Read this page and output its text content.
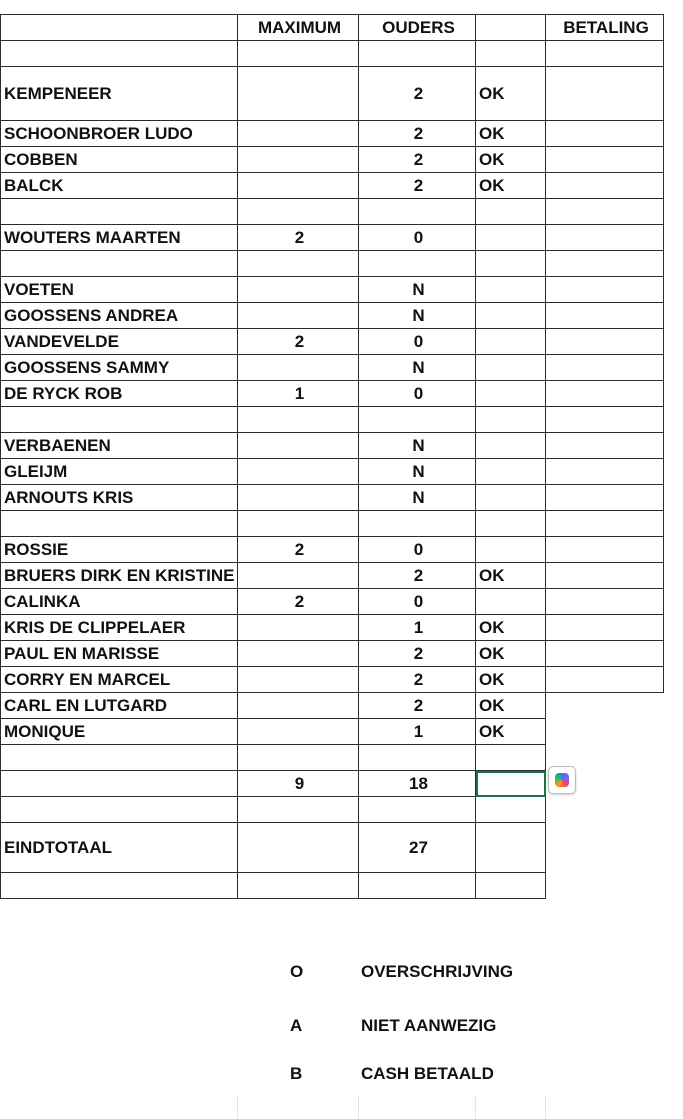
	MAXIMUM	OUDERS		BETALING

KEMPENEER		2	OK	
SCHOONBROER LUDO		2	OK	
COBBEN		2	OK	
BALCK		2	OK	

WOUTERS MAARTEN	2	0		

VOETEN		N		
GOOSSENS ANDREA		N		
VANDEVELDE	2	0		
GOOSSENS SAMMY		N		
DE RYCK ROB	1	0		

VERBAENEN		N		
GLEIJM		N		
ARNOUTS KRIS		N		

ROSSIE	2	0		
BRUERS DIRK EN KRISTINE		2	OK	
CALINKA	2	0		
KRIS DE CLIPPELAER		1	OK	
PAUL EN MARISSE		2	OK	
CORRY EN MARCEL		2	OK	
CARL EN LUTGARD		2	OK	
MONIQUE		1	OK	

	9	18		

EINDTOTAAL		27		

O	OVERSCHRIJVING
A	NIET AANWEZIG
B	CASH BETAALD
